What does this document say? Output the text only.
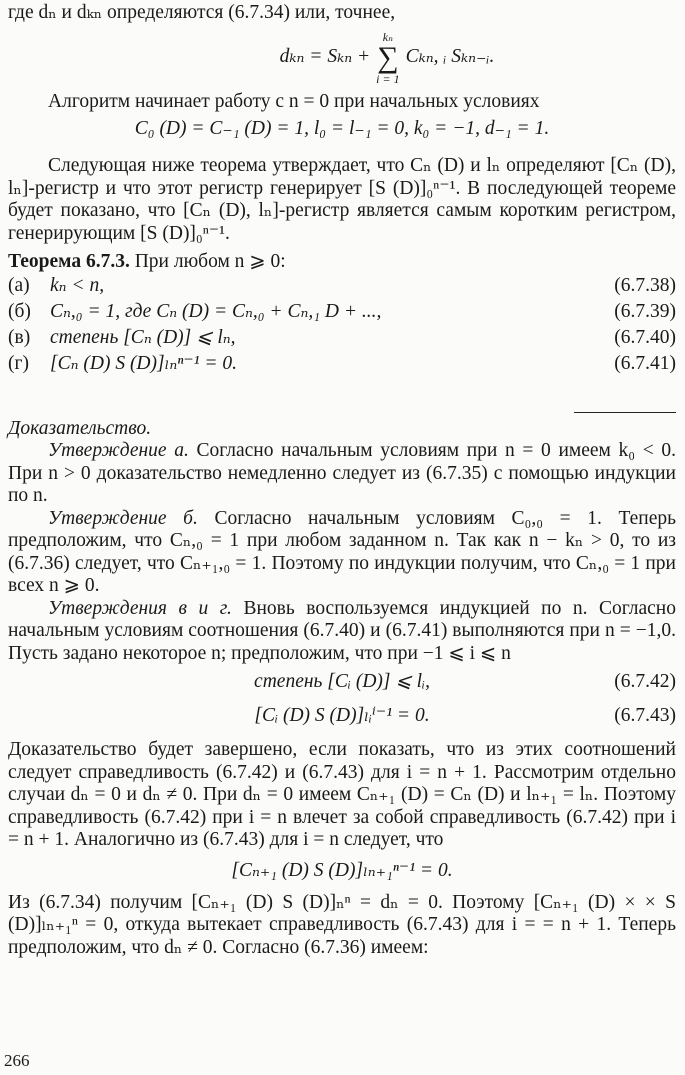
где dₙ и dₖₙ определяются (6.7.34) или, точнее,

dₖₙ = Sₖₙ +
kₙ
∑
i = 1
Cₖₙ, ᵢ Sₖₙ₋ᵢ.

Алгоритм начинает работу с n = 0 при начальных условиях

C₀ (D) = C₋₁ (D) = 1, l₀ = l₋₁ = 0, k₀ = −1, d₋₁ = 1.

Следующая ниже теорема утверждает, что Cₙ (D) и lₙ определяют [Cₙ (D), lₙ]-регистр и что этот регистр генерирует [S (D)]₀ⁿ⁻¹. В последующей теореме будет показано, что [Cₙ (D), lₙ]-регистр является самым коротким регистром, генерирующим [S (D)]₀ⁿ⁻¹.

Теорема 6.7.3. При любом n ⩾ 0:

(а)	kₙ < n,	(6.7.38)
(б) Cₙ,₀ = 1, где Cₙ (D) = Cₙ,₀ + Cₙ,₁ D + ...,	(6.7.39)
(в)	степень [Cₙ (D)] ⩽ lₙ,	(6.7.40)
(г)	[Cₙ (D) S (D)]ₗₙⁿ⁻¹ = 0.	(6.7.41)

Доказательство.

Утверждение а. Согласно начальным условиям при n = 0 имеем k₀ < 0. При n > 0 доказательство немедленно следует из (6.7.35) с помощью индукции по n.

Утверждение б. Согласно начальным условиям C₀,₀ = 1. Теперь предположим, что Cₙ,₀ = 1 при любом заданном n. Так как n − kₙ > 0, то из (6.7.36) следует, что Cₙ₊₁,₀ = 1. Поэтому по индукции получим, что Cₙ,₀ = 1 при всех n ⩾ 0.

Утверждения в и г. Вновь воспользуемся индукцией по n. Согласно начальным условиям соотношения (6.7.40) и (6.7.41) выполняются при n = −1,0. Пусть задано некоторое n; предположим, что при −1 ⩽ i ⩽ n

степень [Cᵢ (D)] ⩽ lᵢ,	(6.7.42)
[Cᵢ (D) S (D)]ₗᵢⁱ⁻¹ = 0.	(6.7.43)

Доказательство будет завершено, если показать, что из этих соотношений следует справедливость (6.7.42) и (6.7.43) для i = n + 1. Рассмотрим отдельно случаи dₙ = 0 и dₙ ≠ 0. При dₙ = 0 имеем Cₙ₊₁ (D) = Cₙ (D) и lₙ₊₁ = lₙ. Поэтому справедливость (6.7.42) при i = n влечет за собой справедливость (6.7.42) при i = n + 1. Аналогично из (6.7.43) для i = n следует, что

[Cₙ₊₁ (D) S (D)]ₗₙ₊₁ⁿ⁻¹ = 0.

Из (6.7.34) получим [Cₙ₊₁ (D) S (D)]ₙⁿ = dₙ = 0. Поэтому [Cₙ₊₁ (D) × × S (D)]ₗₙ₊₁ⁿ = 0, откуда вытекает справедливость (6.7.43) для i = = n + 1. Теперь предположим, что dₙ ≠ 0. Согласно (6.7.36) имеем:

266
